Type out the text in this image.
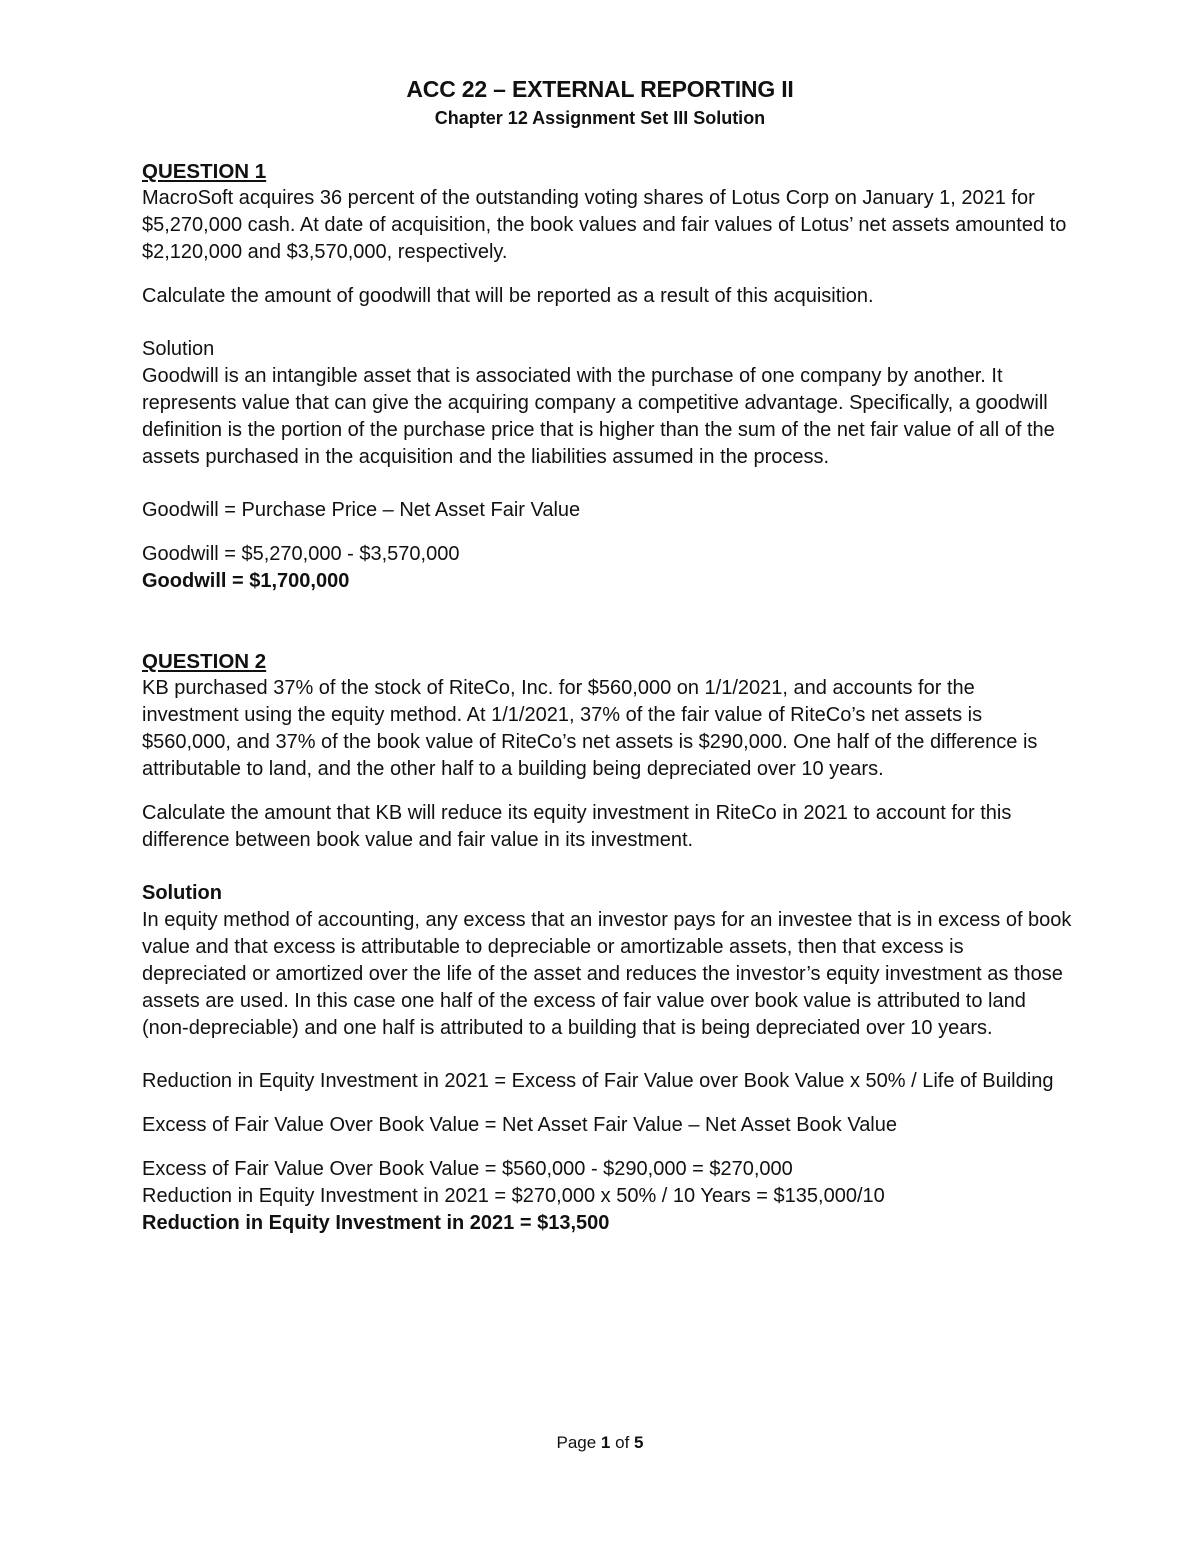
ACC 22 – EXTERNAL REPORTING II
Chapter 12 Assignment Set III Solution
QUESTION 1

MacroSoft acquires 36 percent of the outstanding voting shares of Lotus Corp on January 1, 2021 for $5,270,000 cash. At date of acquisition, the book values and fair values of Lotus’ net assets amounted to $2,120,000 and $3,570,000, respectively.

Calculate the amount of goodwill that will be reported as a result of this acquisition.

Solution

Goodwill is an intangible asset that is associated with the purchase of one company by another. It represents value that can give the acquiring company a competitive advantage. Specifically, a goodwill definition is the portion of the purchase price that is higher than the sum of the net fair value of all of the assets purchased in the acquisition and the liabilities assumed in the process.

Goodwill = Purchase Price – Net Asset Fair Value

Goodwill = $5,270,000 - $3,570,000

Goodwill = $1,700,000

QUESTION 2

KB purchased 37% of the stock of RiteCo, Inc. for $560,000 on 1/1/2021, and accounts for the investment using the equity method. At 1/1/2021, 37% of the fair value of RiteCo’s net assets is $560,000, and 37% of the book value of RiteCo’s net assets is $290,000. One half of the difference is attributable to land, and the other half to a building being depreciated over 10 years.

Calculate the amount that KB will reduce its equity investment in RiteCo in 2021 to account for this difference between book value and fair value in its investment.

Solution

In equity method of accounting, any excess that an investor pays for an investee that is in excess of book value and that excess is attributable to depreciable or amortizable assets, then that excess is depreciated or amortized over the life of the asset and reduces the investor’s equity investment as those assets are used. In this case one half of the excess of fair value over book value is attributed to land (non-depreciable) and one half is attributed to a building that is being depreciated over 10 years.

Reduction in Equity Investment in 2021 = Excess of Fair Value over Book Value x 50% / Life of Building

Excess of Fair Value Over Book Value = Net Asset Fair Value – Net Asset Book Value

Excess of Fair Value Over Book Value = $560,000 - $290,000 = $270,000

Reduction in Equity Investment in 2021 = $270,000 x 50% / 10 Years = $135,000/10

Reduction in Equity Investment in 2021 = $13,500

Page 1 of 5
